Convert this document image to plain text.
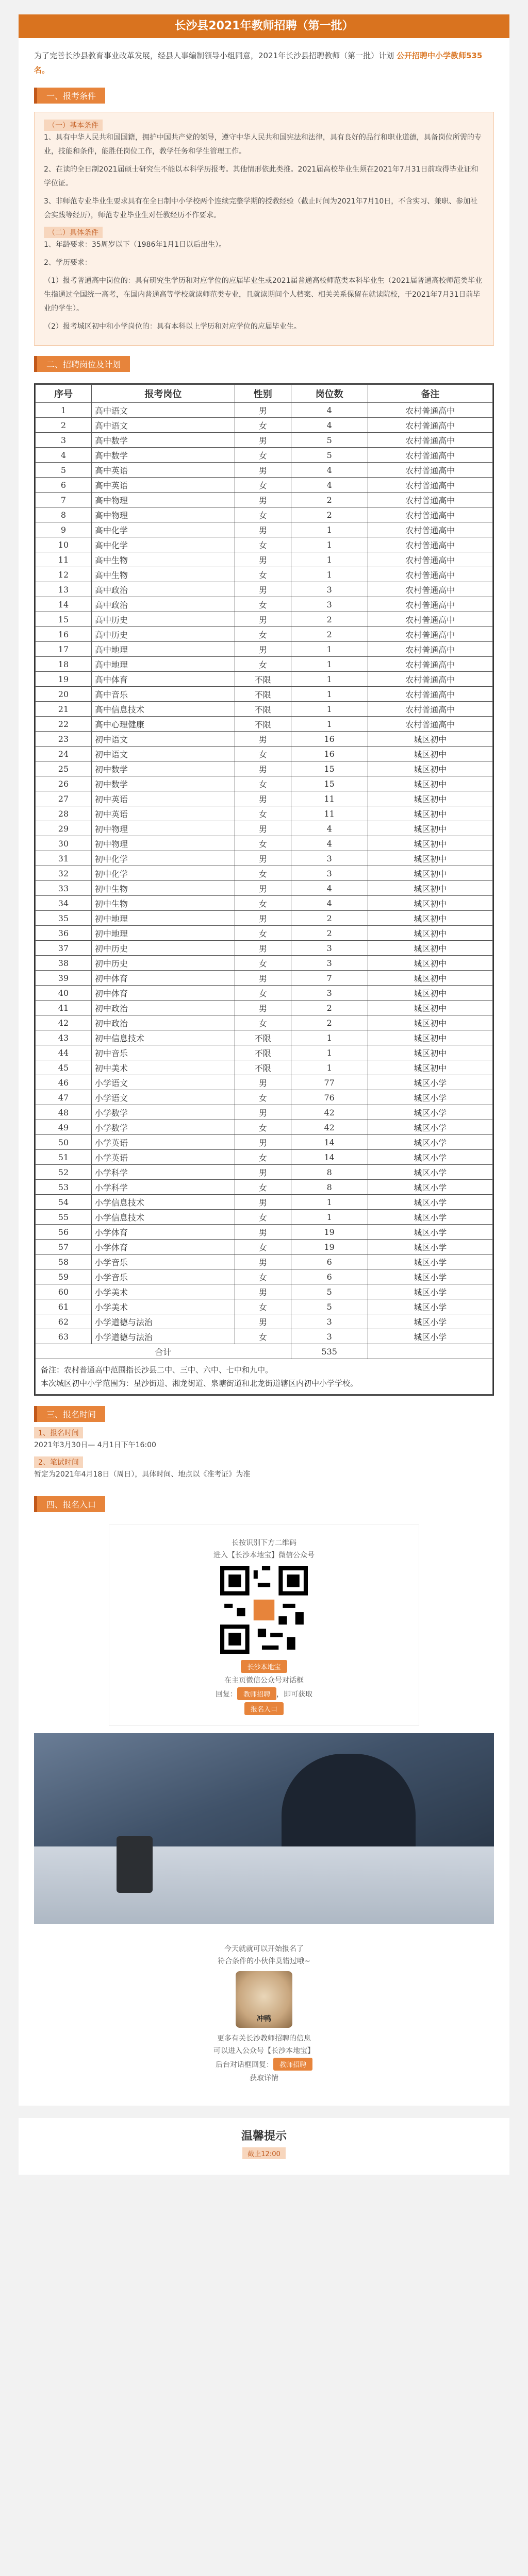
长沙县2021年教师招聘（第一批）

为了完善长沙县教育事业改革发展，经县人事编制领导小组同意，2021年长沙县招聘教师（第一批）计划 公开招聘中小学教师535名。

一、报考条件
（一）基本条件

1、具有中华人民共和国国籍，拥护中国共产党的领导，遵守中华人民共和国宪法和法律，具有良好的品行和职业道德，具备岗位所需的专业，技能和条件，能胜任岗位工作，教学任务和学生管理工作。

2、在读的全日制2021届硕士研究生不能以本科学历报考。其他情形依此类推。2021届高校毕业生须在2021年7月31日前取得毕业证和学位证。

3、非师范专业毕业生要求具有在全日制中小学校两个连续完整学期的授教经验（截止时间为2021年7月10日，不含实习、兼职、参加社会实践等经历），师范专业毕业生对任教经历不作要求。

（二）具体条件

1、年龄要求：35周岁以下（1986年1月1日以后出生）。

2、学历要求：

（1）报考普通高中岗位的：具有研究生学历和对应学位的应届毕业生或2021届普通高校师范类本科毕业生（2021届普通高校师范类毕业生指通过全国统一高考，在国内普通高等学校就读师范类专业，且就读期间个人档案、相关关系保留在就读院校，于2021年7月31日前毕业的学生）。

（2）报考城区初中和小学岗位的：具有本科以上学历和对应学位的应届毕业生。

二、招聘岗位及计划
序号	报考岗位	性别	岗位数	备注
1	高中语文	男	4	农村普通高中
2	高中语文	女	4	农村普通高中
3	高中数学	男	5	农村普通高中
4	高中数学	女	5	农村普通高中
5	高中英语	男	4	农村普通高中
6	高中英语	女	4	农村普通高中
7	高中物理	男	2	农村普通高中
8	高中物理	女	2	农村普通高中
9	高中化学	男	1	农村普通高中
10	高中化学	女	1	农村普通高中
11	高中生物	男	1	农村普通高中
12	高中生物	女	1	农村普通高中
13	高中政治	男	3	农村普通高中
14	高中政治	女	3	农村普通高中
15	高中历史	男	2	农村普通高中
16	高中历史	女	2	农村普通高中
17	高中地理	男	1	农村普通高中
18	高中地理	女	1	农村普通高中
19	高中体育	不限	1	农村普通高中
20	高中音乐	不限	1	农村普通高中
21	高中信息技术	不限	1	农村普通高中
22	高中心理健康	不限	1	农村普通高中
23	初中语文	男	16	城区初中
24	初中语文	女	16	城区初中
25	初中数学	男	15	城区初中
26	初中数学	女	15	城区初中
27	初中英语	男	11	城区初中
28	初中英语	女	11	城区初中
29	初中物理	男	4	城区初中
30	初中物理	女	4	城区初中
31	初中化学	男	3	城区初中
32	初中化学	女	3	城区初中
33	初中生物	男	4	城区初中
34	初中生物	女	4	城区初中
35	初中地理	男	2	城区初中
36	初中地理	女	2	城区初中
37	初中历史	男	3	城区初中
38	初中历史	女	3	城区初中
39	初中体育	男	7	城区初中
40	初中体育	女	3	城区初中
41	初中政治	男	2	城区初中
42	初中政治	女	2	城区初中
43	初中信息技术	不限	1	城区初中
44	初中音乐	不限	1	城区初中
45	初中美术	不限	1	城区初中
46	小学语文	男	77	城区小学
47	小学语文	女	76	城区小学
48	小学数学	男	42	城区小学
49	小学数学	女	42	城区小学
50	小学英语	男	14	城区小学
51	小学英语	女	14	城区小学
52	小学科学	男	8	城区小学
53	小学科学	女	8	城区小学
54	小学信息技术	男	1	城区小学
55	小学信息技术	女	1	城区小学
56	小学体育	男	19	城区小学
57	小学体育	女	19	城区小学
58	小学音乐	男	6	城区小学
59	小学音乐	女	6	城区小学
60	小学美术	男	5	城区小学
61	小学美术	女	5	城区小学
62	小学道德与法治	男	3	城区小学
63	小学道德与法治	女	3	城区小学
合计			535	

备注：农村普通高中范围指长沙县二中、三中、六中、七中和九中。

本次城区初中小学范围为：星沙街道、湘龙街道、泉塘街道和北龙街道辖区内初中小学学校。

三、报名时间
1、报名时间

2021年3月30日— 4月1日下午16:00

2、笔试时间

暂定为2021年4月18日（周日），具体时间、地点以《准考证》为准

四、报名入口

长按识别下方二维码

进入【长沙本地宝】微信公众号

长沙本地宝

在主页微信公众号对话框

回复： 教师招聘 ，即可获取

报名入口

今天就就可以开始报名了

符合条件的小伙伴莫错过哦~

冲鸭

更多有关长沙教师招聘的信息

可以进入公众号【长沙本地宝】

后台对话框回复： 教师招聘

获取详情

温馨提示
截止12:00
